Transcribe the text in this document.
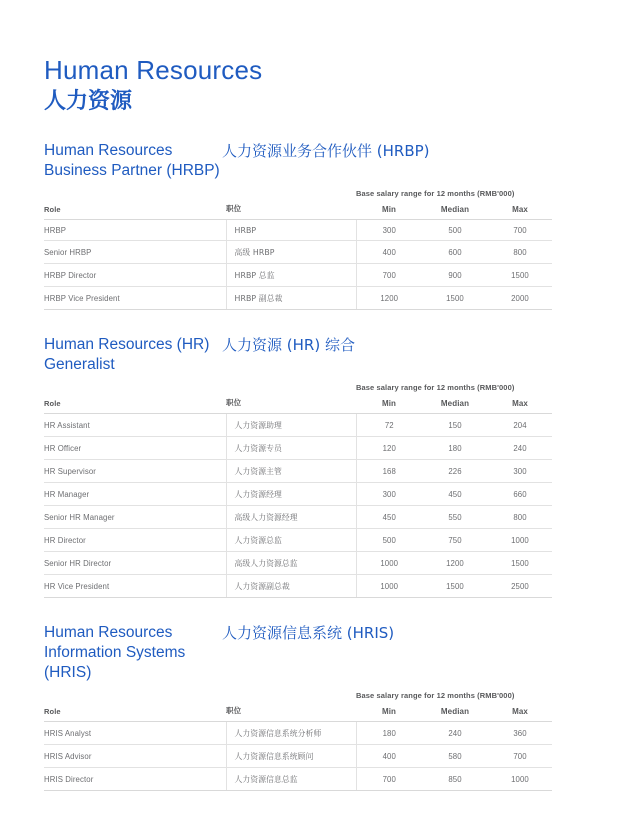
Human Resources
人力资源
Human Resources Business Partner (HRBP)
人力资源业务合作伙伴 (HRBP)
Base salary range for 12 months (RMB'000)
Role	职位	Min	Median	Max
HRBP	HRBP	300	500	700
Senior HRBP	高级 HRBP	400	600	800
HRBP Director	HRBP 总监	700	900	1500
HRBP Vice President	HRBP 副总裁	1200	1500	2000
Human Resources (HR) Generalist
人力资源 (HR) 综合
Base salary range for 12 months (RMB'000)
Role	职位	Min	Median	Max
HR Assistant	人力资源助理	72	150	204
HR Officer	人力资源专员	120	180	240
HR Supervisor	人力资源主管	168	226	300
HR Manager	人力资源经理	300	450	660
Senior HR Manager	高级人力资源经理	450	550	800
HR Director	人力资源总监	500	750	1000
Senior HR Director	高级人力资源总监	1000	1200	1500
HR Vice President	人力资源副总裁	1000	1500	2500
Human Resources Information Systems (HRIS)
人力资源信息系统 (HRIS)
Base salary range for 12 months (RMB'000)
Role	职位	Min	Median	Max
HRIS Analyst	人力资源信息系统分析师	180	240	360
HRIS Advisor	人力资源信息系统顾问	400	580	700
HRIS Director	人力资源信息总监	700	850	1000
